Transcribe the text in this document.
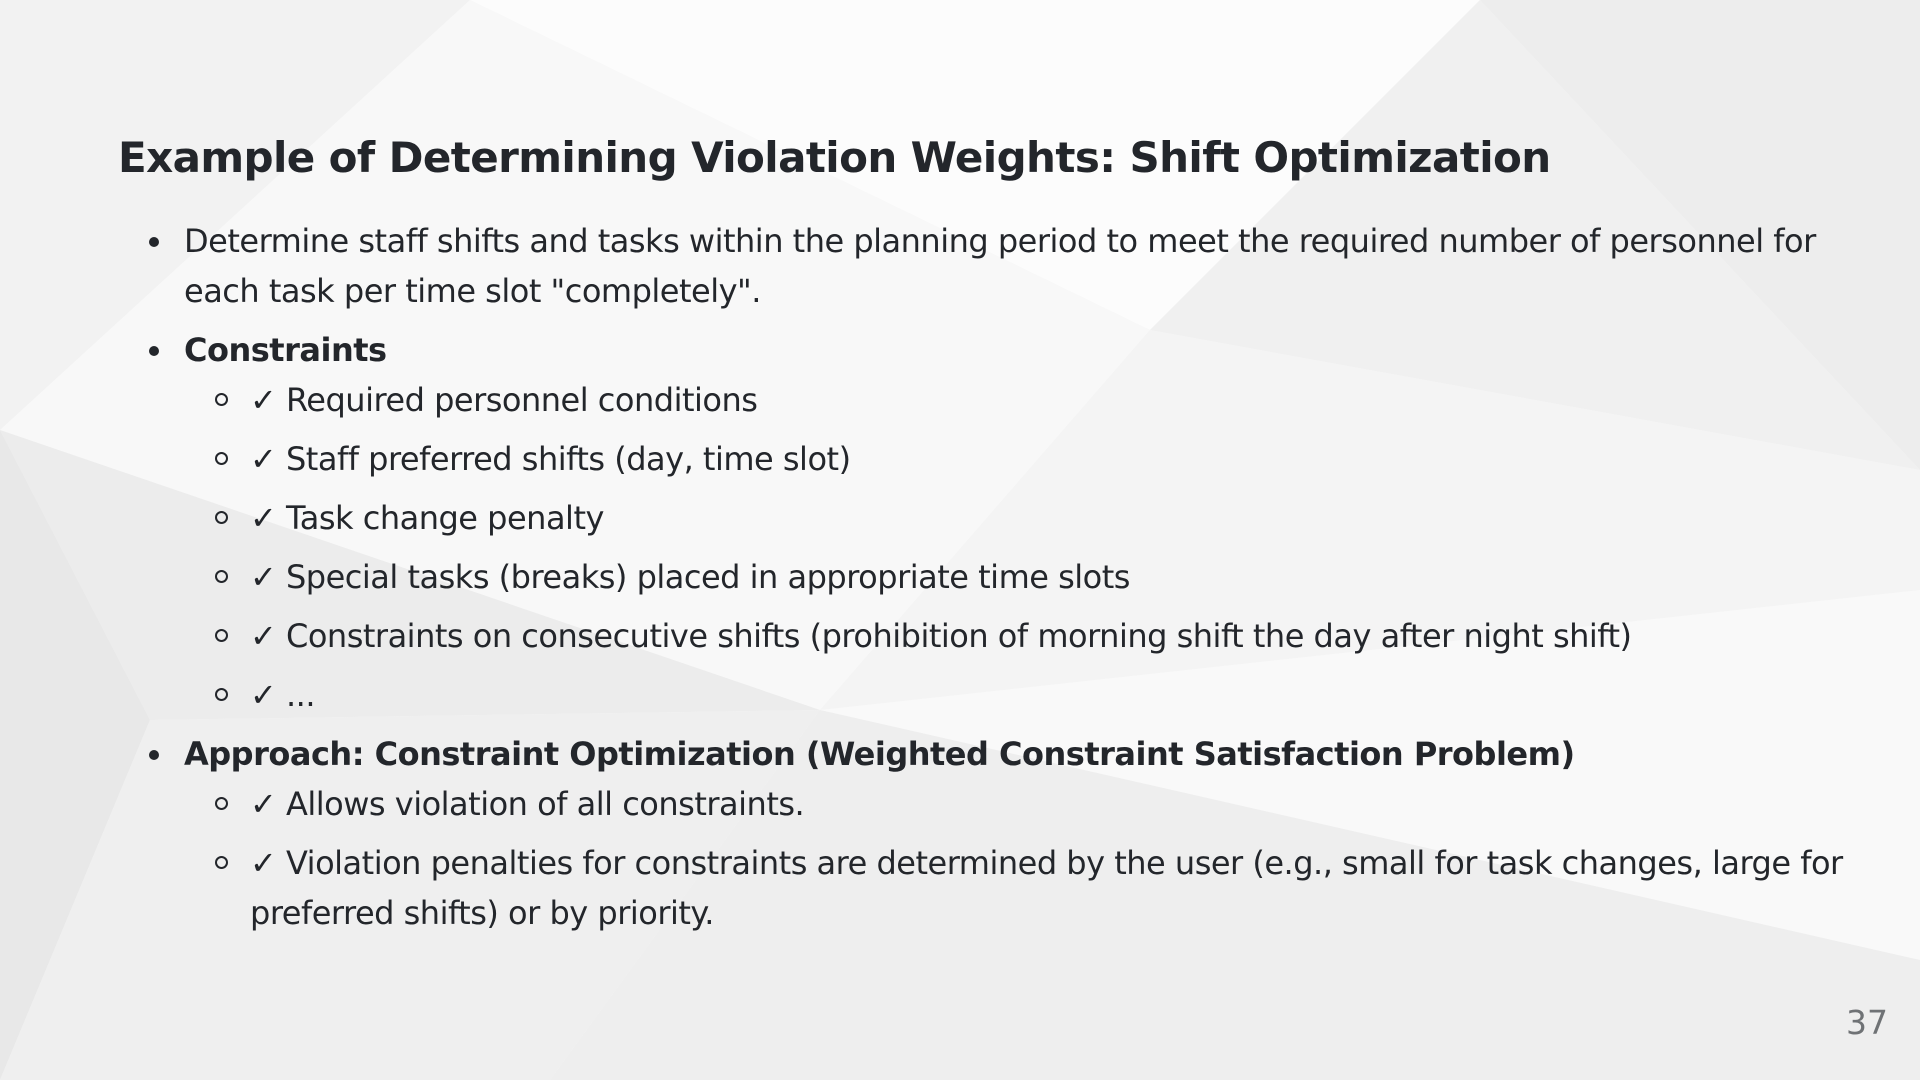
Example of Determining Violation Weights: Shift Optimization
Determine staff shifts and tasks within the planning period to meet the required number of personnel for each task per time slot "completely".
Constraints
✓ Required personnel conditions
✓ Staff preferred shifts (day, time slot)
✓ Task change penalty
✓ Special tasks (breaks) placed in appropriate time slots
✓ Constraints on consecutive shifts (prohibition of morning shift the day after night shift)
✓ ...
Approach: Constraint Optimization (Weighted Constraint Satisfaction Problem)
✓ Allows violation of all constraints.
✓ Violation penalties for constraints are determined by the user (e.g., small for task changes, large for preferred shifts) or by priority.
37
